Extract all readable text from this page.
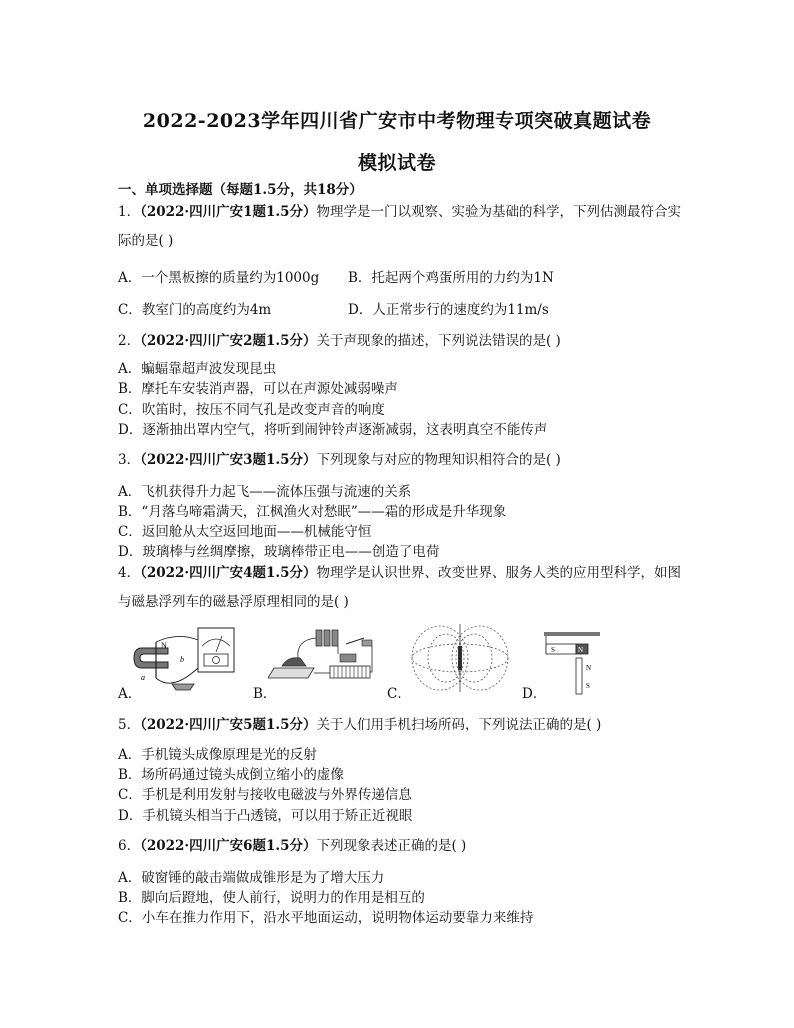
2022-2023学年四川省广安市中考物理专项突破真题试卷
模拟试卷
一、单项选择题（每题1.5分，共18分）
1．（2022·四川广安1题1.5分）物理学是一门以观察、实验为基础的科学，下列估测最符合实
际的是( )
A．一个黑板擦的质量约为1000g B．托起两个鸡蛋所用的力约为1N
C．教室门的高度约为4m	D．人正常步行的速度约为11m/s
2．（2022·四川广安2题1.5分）关于声现象的描述，下列说法错误的是( )
A．蝙蝠靠超声波发现昆虫
B．摩托车安装消声器，可以在声源处减弱噪声
C．吹笛时，按压不同气孔是改变声音的响度
D．逐渐抽出罩内空气，将听到闹钟铃声逐渐减弱，这表明真空不能传声
3．（2022·四川广安3题1.5分）下列现象与对应的物理知识相符合的是( )
A．飞机获得升力起飞——流体压强与流速的关系
B．“月落乌啼霜满天，江枫渔火对愁眠”——霜的形成是升华现象
C．返回舱从太空返回地面——机械能守恒
D．玻璃棒与丝绸摩擦，玻璃棒带正电——创造了电荷
4．（2022·四川广安4题1.5分）物理学是认识世界、改变世界、服务人类的应用型科学，如图
与磁悬浮列车的磁悬浮原理相同的是( )
A．
N
a
b
B．	C．	D．
S	N
N
S
5．（2022·四川广安5题1.5分）关于人们用手机扫场所码，下列说法正确的是( )
A．手机镜头成像原理是光的反射
B．场所码通过镜头成倒立缩小的虚像
C．手机是利用发射与接收电磁波与外界传递信息
D．手机镜头相当于凸透镜，可以用于矫正近视眼
6．（2022·四川广安6题1.5分）下列现象表述正确的是( )
A．破窗锤的敲击端做成锥形是为了增大压力
B．脚向后蹬地，使人前行，说明力的作用是相互的
C．小车在推力作用下，沿水平地面运动，说明物体运动要靠力来维持
